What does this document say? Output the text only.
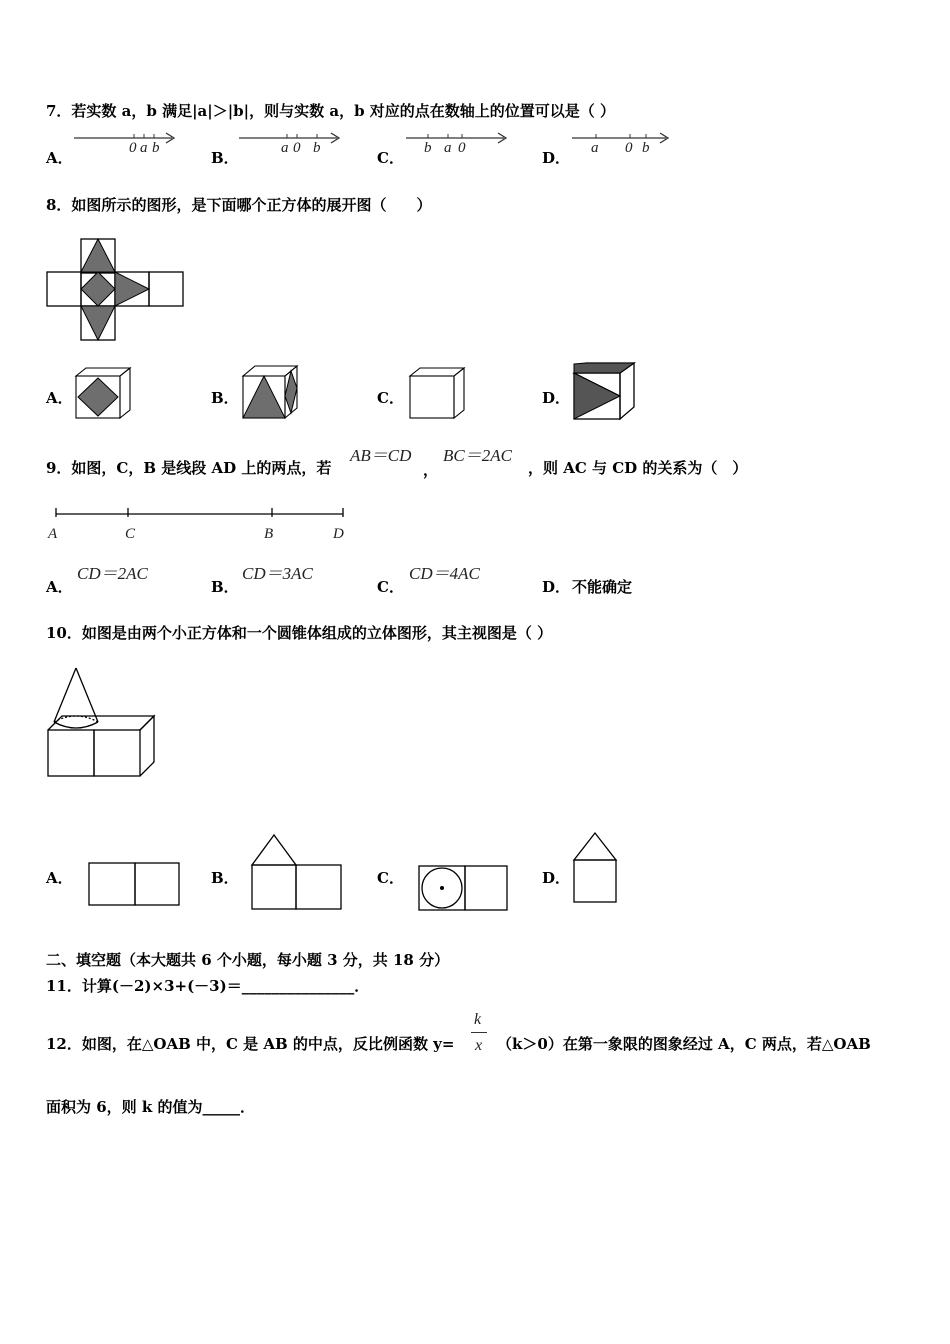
7．若实数 a，b 满足|a|＞|b|，则与实数 a，b 对应的点在数轴上的位置可以是（ ）
A．
0 a b
B．
a 0 b
C．
b a 0
D．
a 0 b
8．如图所示的图形，是下面哪个正方体的展开图（　　）
A．	B．	C．	D．
9．如图，C，B 是线段 AD 上的两点，若
AB＝CD
，
BC＝2AC
，则 AC 与 CD 的关系为（　）
A	C	B	D
A．
CD＝2AC
B．
CD＝3AC
C．
CD＝4AC
D． 不能确定
10．如图是由两个小正方体和一个圆锥体组成的立体图形，其主视图是（ ）
A．	B．	C．	D．
二、填空题（本大题共 6 个小题，每小题 3 分，共 18 分）
11．计算(－2)×3+(－3)＝_______________．
12．如图，在△OAB 中，C 是 AB 的中点，反比例函数 y=
k
x （k＞0）在第一象限的图象经过 A，C 两点，若△OAB
面积为 6，则 k 的值为_____．
